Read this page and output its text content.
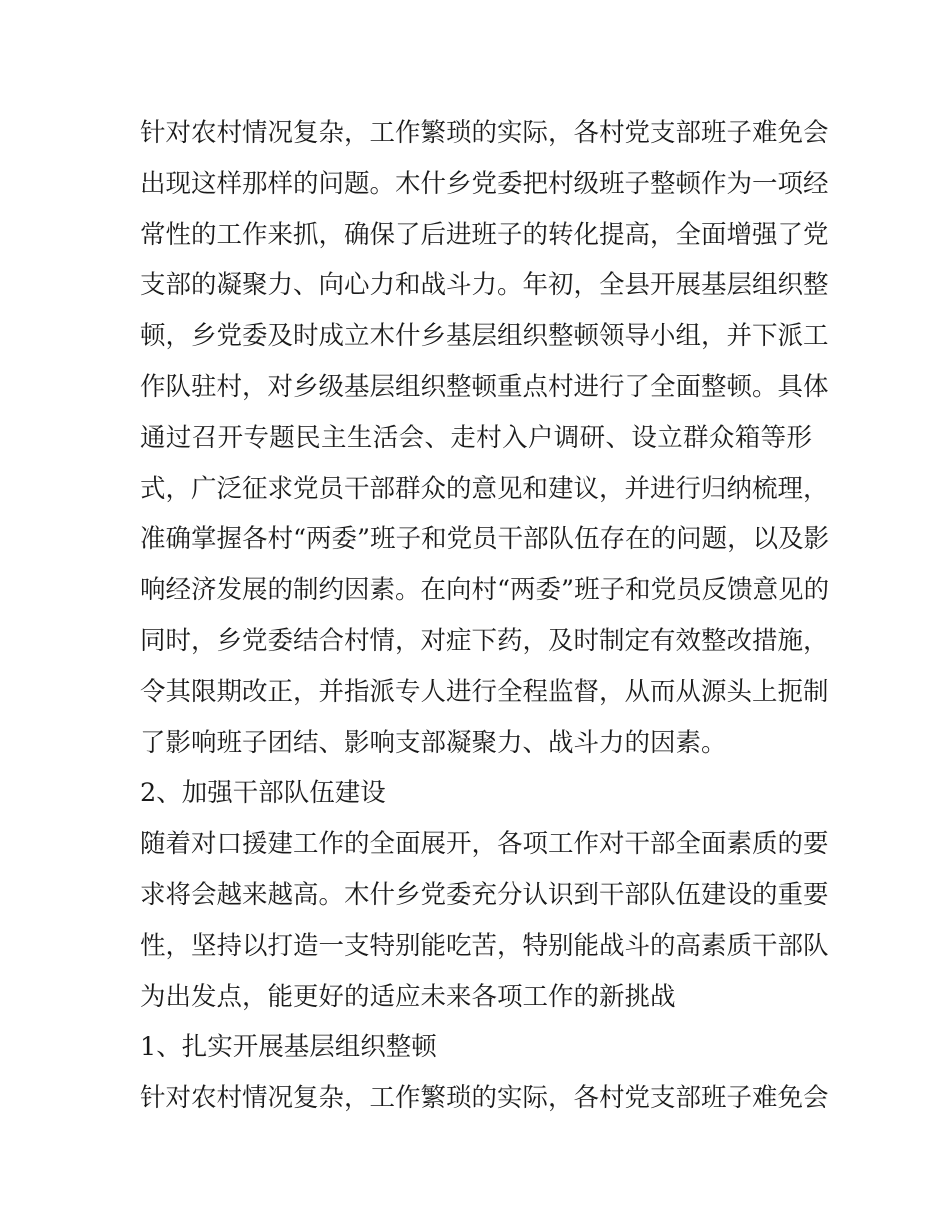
针对农村情况复杂，工作繁琐的实际，各村党支部班子难免会
出现这样那样的问题。木什乡党委把村级班子整顿作为一项经
常性的工作来抓，确保了后进班子的转化提高，全面增强了党
支部的凝聚力、向心力和战斗力。年初，全县开展基层组织整
顿，乡党委及时成立木什乡基层组织整顿领导小组，并下派工
作队驻村，对乡级基层组织整顿重点村进行了全面整顿。具体
通过召开专题民主生活会、走村入户调研、设立群众箱等形
式，广泛征求党员干部群众的意见和建议，并进行归纳梳理，
准确掌握各村“两委”班子和党员干部队伍存在的问题，以及影
响经济发展的制约因素。在向村“两委”班子和党员反馈意见的
同时，乡党委结合村情，对症下药，及时制定有效整改措施，
令其限期改正，并指派专人进行全程监督，从而从源头上扼制
了影响班子团结、影响支部凝聚力、战斗力的因素。
2、加强干部队伍建设
随着对口援建工作的全面展开，各项工作对干部全面素质的要
求将会越来越高。木什乡党委充分认识到干部队伍建设的重要
性，坚持以打造一支特别能吃苦，特别能战斗的高素质干部队
为出发点，能更好的适应未来各项工作的新挑战
1、扎实开展基层组织整顿
针对农村情况复杂，工作繁琐的实际，各村党支部班子难免会
